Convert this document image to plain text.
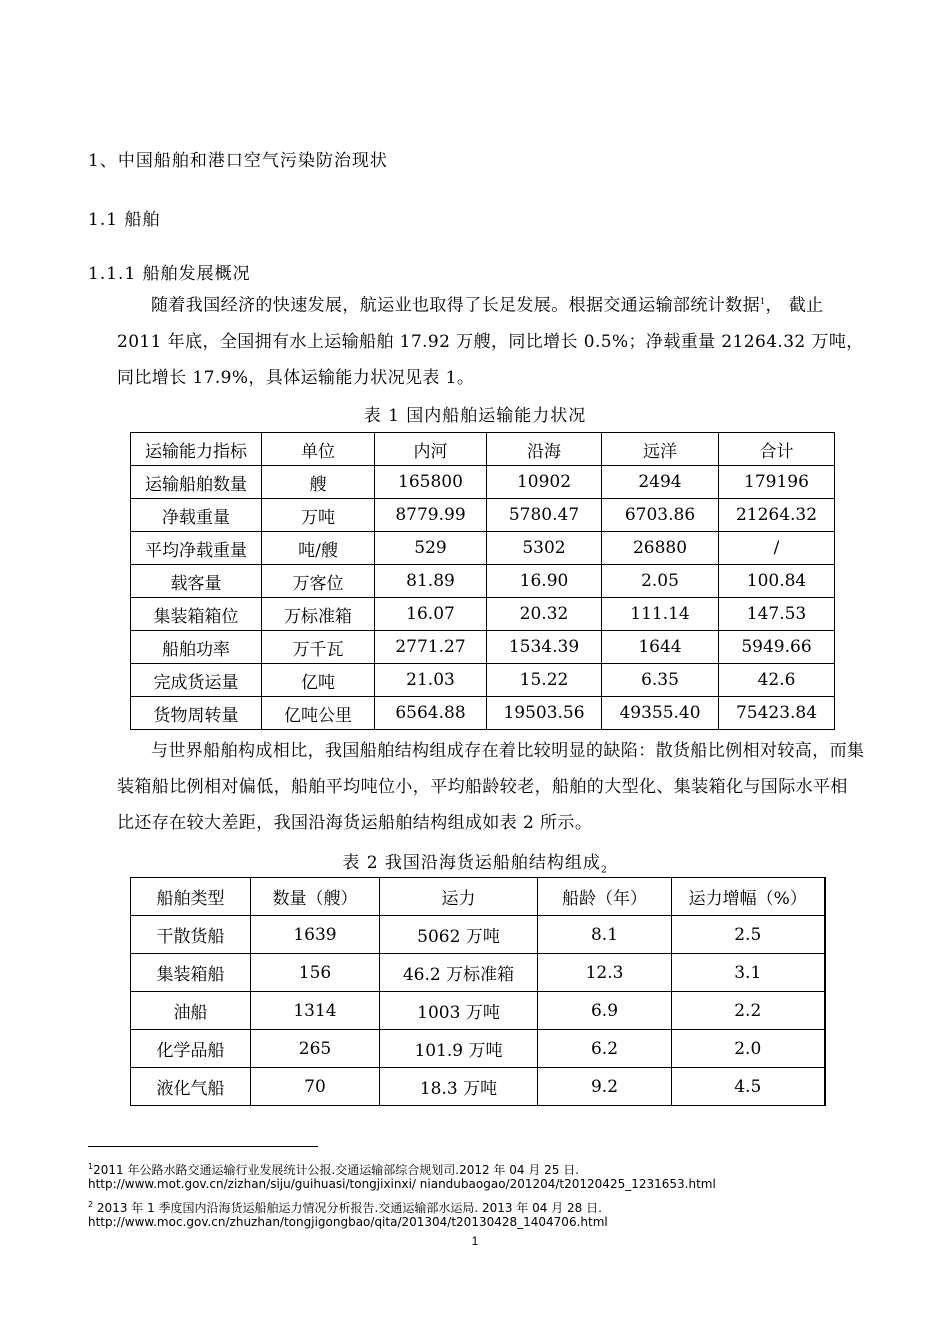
1、中国船舶和港口空气污染防治现状
1.1 船舶
1.1.1 船舶发展概况
随着我国经济的快速发展，航运业也取得了长足发展。根据交通运输部统计数据$^1$， 截止 2011 年底，全国拥有水上运输船舶 17.92 万艘，同比增长 0.5%；净载重量 21264.32 万吨，同比增长 17.9%，具体运输能力状况见表 1。
表 1 国内船舶运输能力状况
运输能力指标	单位	内河	沿海	远洋	合计
运输船舶数量	艘	165800	10902	2494	179196
净载重量	万吨	8779.99	5780.47	6703.86	21264.32
平均净载重量	吨/艘	529	5302	26880	/
载客量	万客位	81.89	16.90	2.05	100.84
集装箱箱位	万标准箱	16.07	20.32	111.14	147.53
船舶功率	万千瓦	2771.27	1534.39	1644	5949.66
完成货运量	亿吨	21.03	15.22	6.35	42.6
货物周转量	亿吨公里	6564.88	19503.56	49355.40	75423.84
与世界船舶构成相比，我国船舶结构组成存在着比较明显的缺陷：散货船比例相对较高，而集装箱船比例相对偏低，船舶平均吨位小，平均船龄较老，船舶的大型化、集装箱化与国际水平相比还存在较大差距，我国沿海货运船舶结构组成如表 2 所示。
表 2 我国沿海货运船舶结构组成$_2$
船舶类型	数量（艘）	运力	船龄（年）	运力增幅（%）
干散货船	1639	5062 万吨	8.1	2.5
集装箱船	156	46.2 万标准箱	12.3	3.1
油船	1314	1003 万吨	6.9	2.2
化学品船	265	101.9 万吨	6.2	2.0
液化气船	70	18.3 万吨	9.2	4.5
$^1$2011 年公路水路交通运输行业发展统计公报.交通运输部综合规划司.2012 年 04 月 25 日.
http://www.mot.gov.cn/zizhan/siju/guihuasi/tongjixinxi/ niandubaogao/201204/t20120425_1231653.html
$^2$ 2013 年 1 季度国内沿海货运船舶运力情况分析报告.交通运输部水运局. 2013 年 04 月 28 日.
http://www.moc.gov.cn/zhuzhan/tongjigongbao/qita/201304/t20130428_1404706.html
1
